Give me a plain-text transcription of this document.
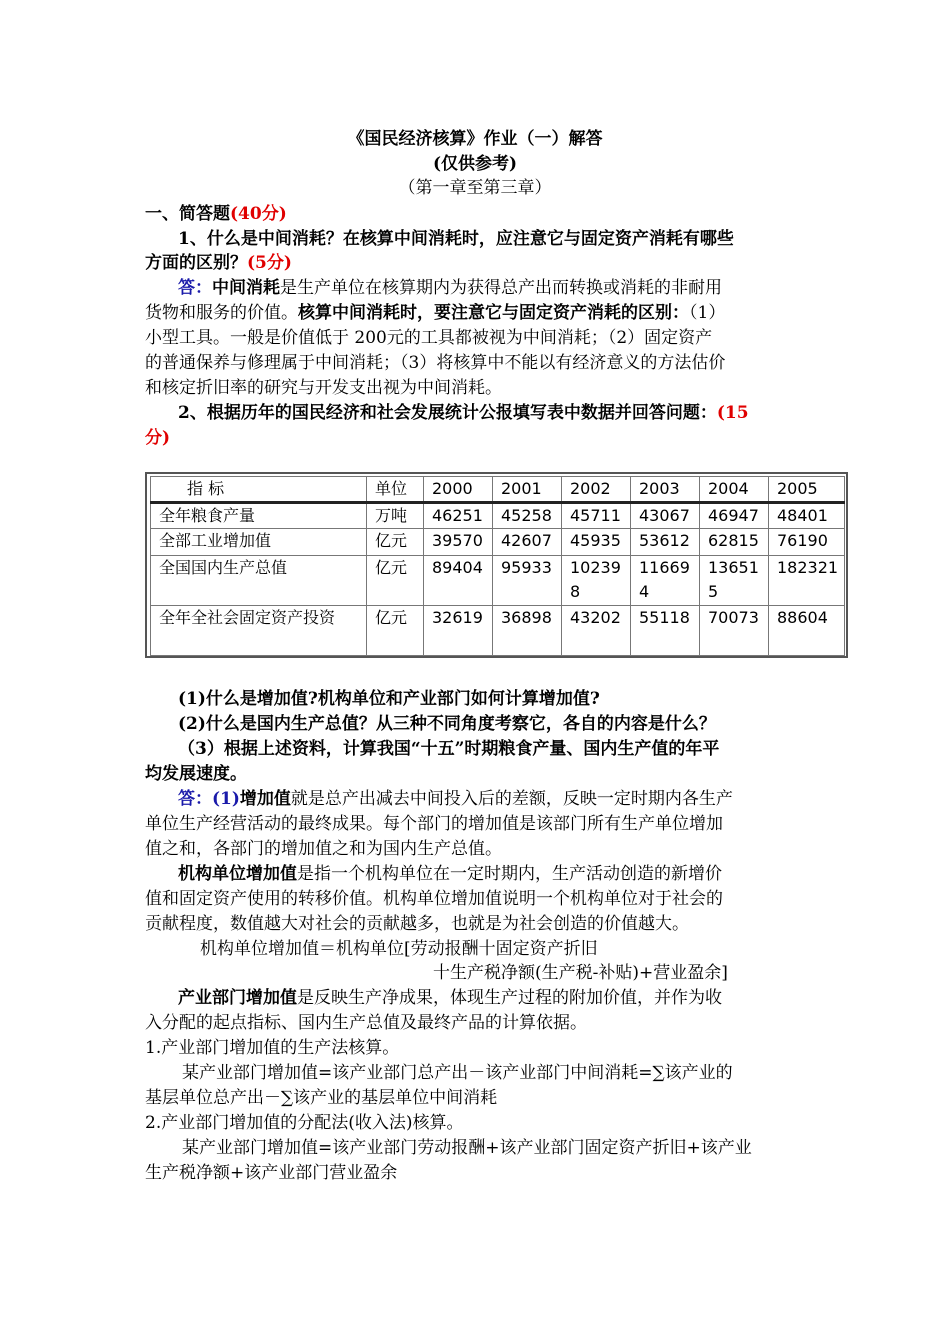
《国民经济核算》作业（一）解答
(仅供参考)
（第一章至第三章）
一、简答题(40分)
1、什么是中间消耗？在核算中间消耗时，应注意它与固定资产消耗有哪些
方面的区别？(5分)
答：中间消耗是生产单位在核算期内为获得总产出而转换或消耗的非耐用
货物和服务的价值。核算中间消耗时，要注意它与固定资产消耗的区别：（1）
小型工具。一般是价值低于 200元的工具都被视为中间消耗；（2）固定资产
的普通保养与修理属于中间消耗；（3）将核算中不能以有经济意义的方法估价
和核定折旧率的研究与开发支出视为中间消耗。
2、根据历年的国民经济和社会发展统计公报填写表中数据并回答问题：(15
分)
指 标	单位	2000	2001	2002	2003	2004	2005
全年粮食产量	万吨	46251	45258	45711	43067	46947	48401
全部工业增加值	亿元	39570	42607	45935	53612	62815	76190
全国国内生产总值	亿元	89404	95933	102398	116694	136515	182321
全年全社会固定资产投资	亿元	32619	36898	43202	55118	70073	88604
(1)什么是增加值?机构单位和产业部门如何计算增加值?
(2)什么是国内生产总值？从三种不同角度考察它，各自的内容是什么？
（3）根据上述资料，计算我国“十五”时期粮食产量、国内生产值的年平
均发展速度。
答：(1)增加值就是总产出减去中间投入后的差额，反映一定时期内各生产
单位生产经营活动的最终成果。每个部门的增加值是该部门所有生产单位增加
值之和，各部门的增加值之和为国内生产总值。
机构单位增加值是指一个机构单位在一定时期内，生产活动创造的新增价
值和固定资产使用的转移价值。机构单位增加值说明一个机构单位对于社会的
贡献程度，数值越大对社会的贡献越多，也就是为社会创造的价值越大。
机构单位增加值＝机构单位[劳动报酬十固定资产折旧
十生产税净额(生产税-补贴)+营业盈余]
产业部门增加值是反映生产净成果，体现生产过程的附加价值，并作为收
入分配的起点指标、国内生产总值及最终产品的计算依据。
1.产业部门增加值的生产法核算。
某产业部门增加值=该产业部门总产出－该产业部门中间消耗=∑该产业的
基层单位总产出－∑该产业的基层单位中间消耗
2.产业部门增加值的分配法(收入法)核算。
某产业部门增加值=该产业部门劳动报酬+该产业部门固定资产折旧+该产业
生产税净额+该产业部门营业盈余
